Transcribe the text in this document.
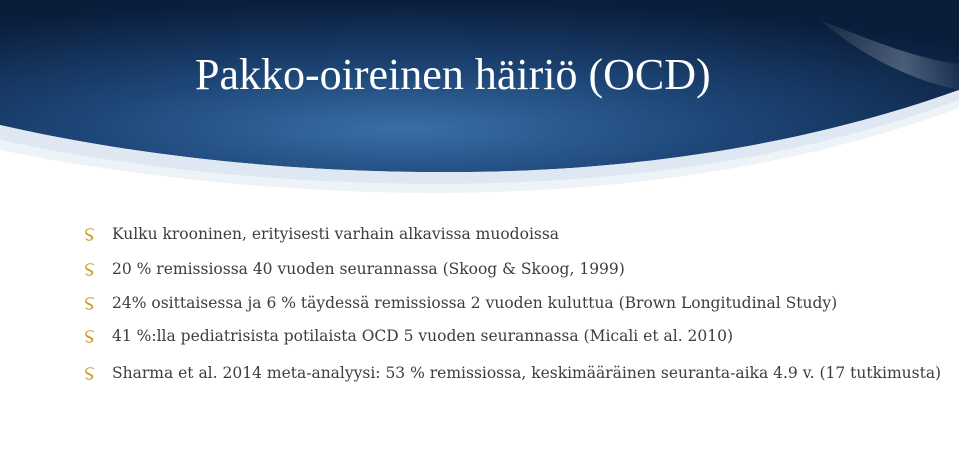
Pakko-oireinen häiriö (OCD)
Kulku krooninen, erityisesti varhain alkavissa muodoissa
20 % remissiossa 40 vuoden seurannassa (Skoog & Skoog, 1999)
24% osittaisessa ja 6 % täydessä remissiossa 2 vuoden kuluttua (Brown Longitudinal Study)
41 %:lla pediatrisista potilaista OCD 5 vuoden seurannassa (Micali et al. 2010)
Sharma et al. 2014 meta-analyysi: 53 % remissiossa, keskimääräinen seuranta-aika 4.9 v. (17 tutkimusta)
